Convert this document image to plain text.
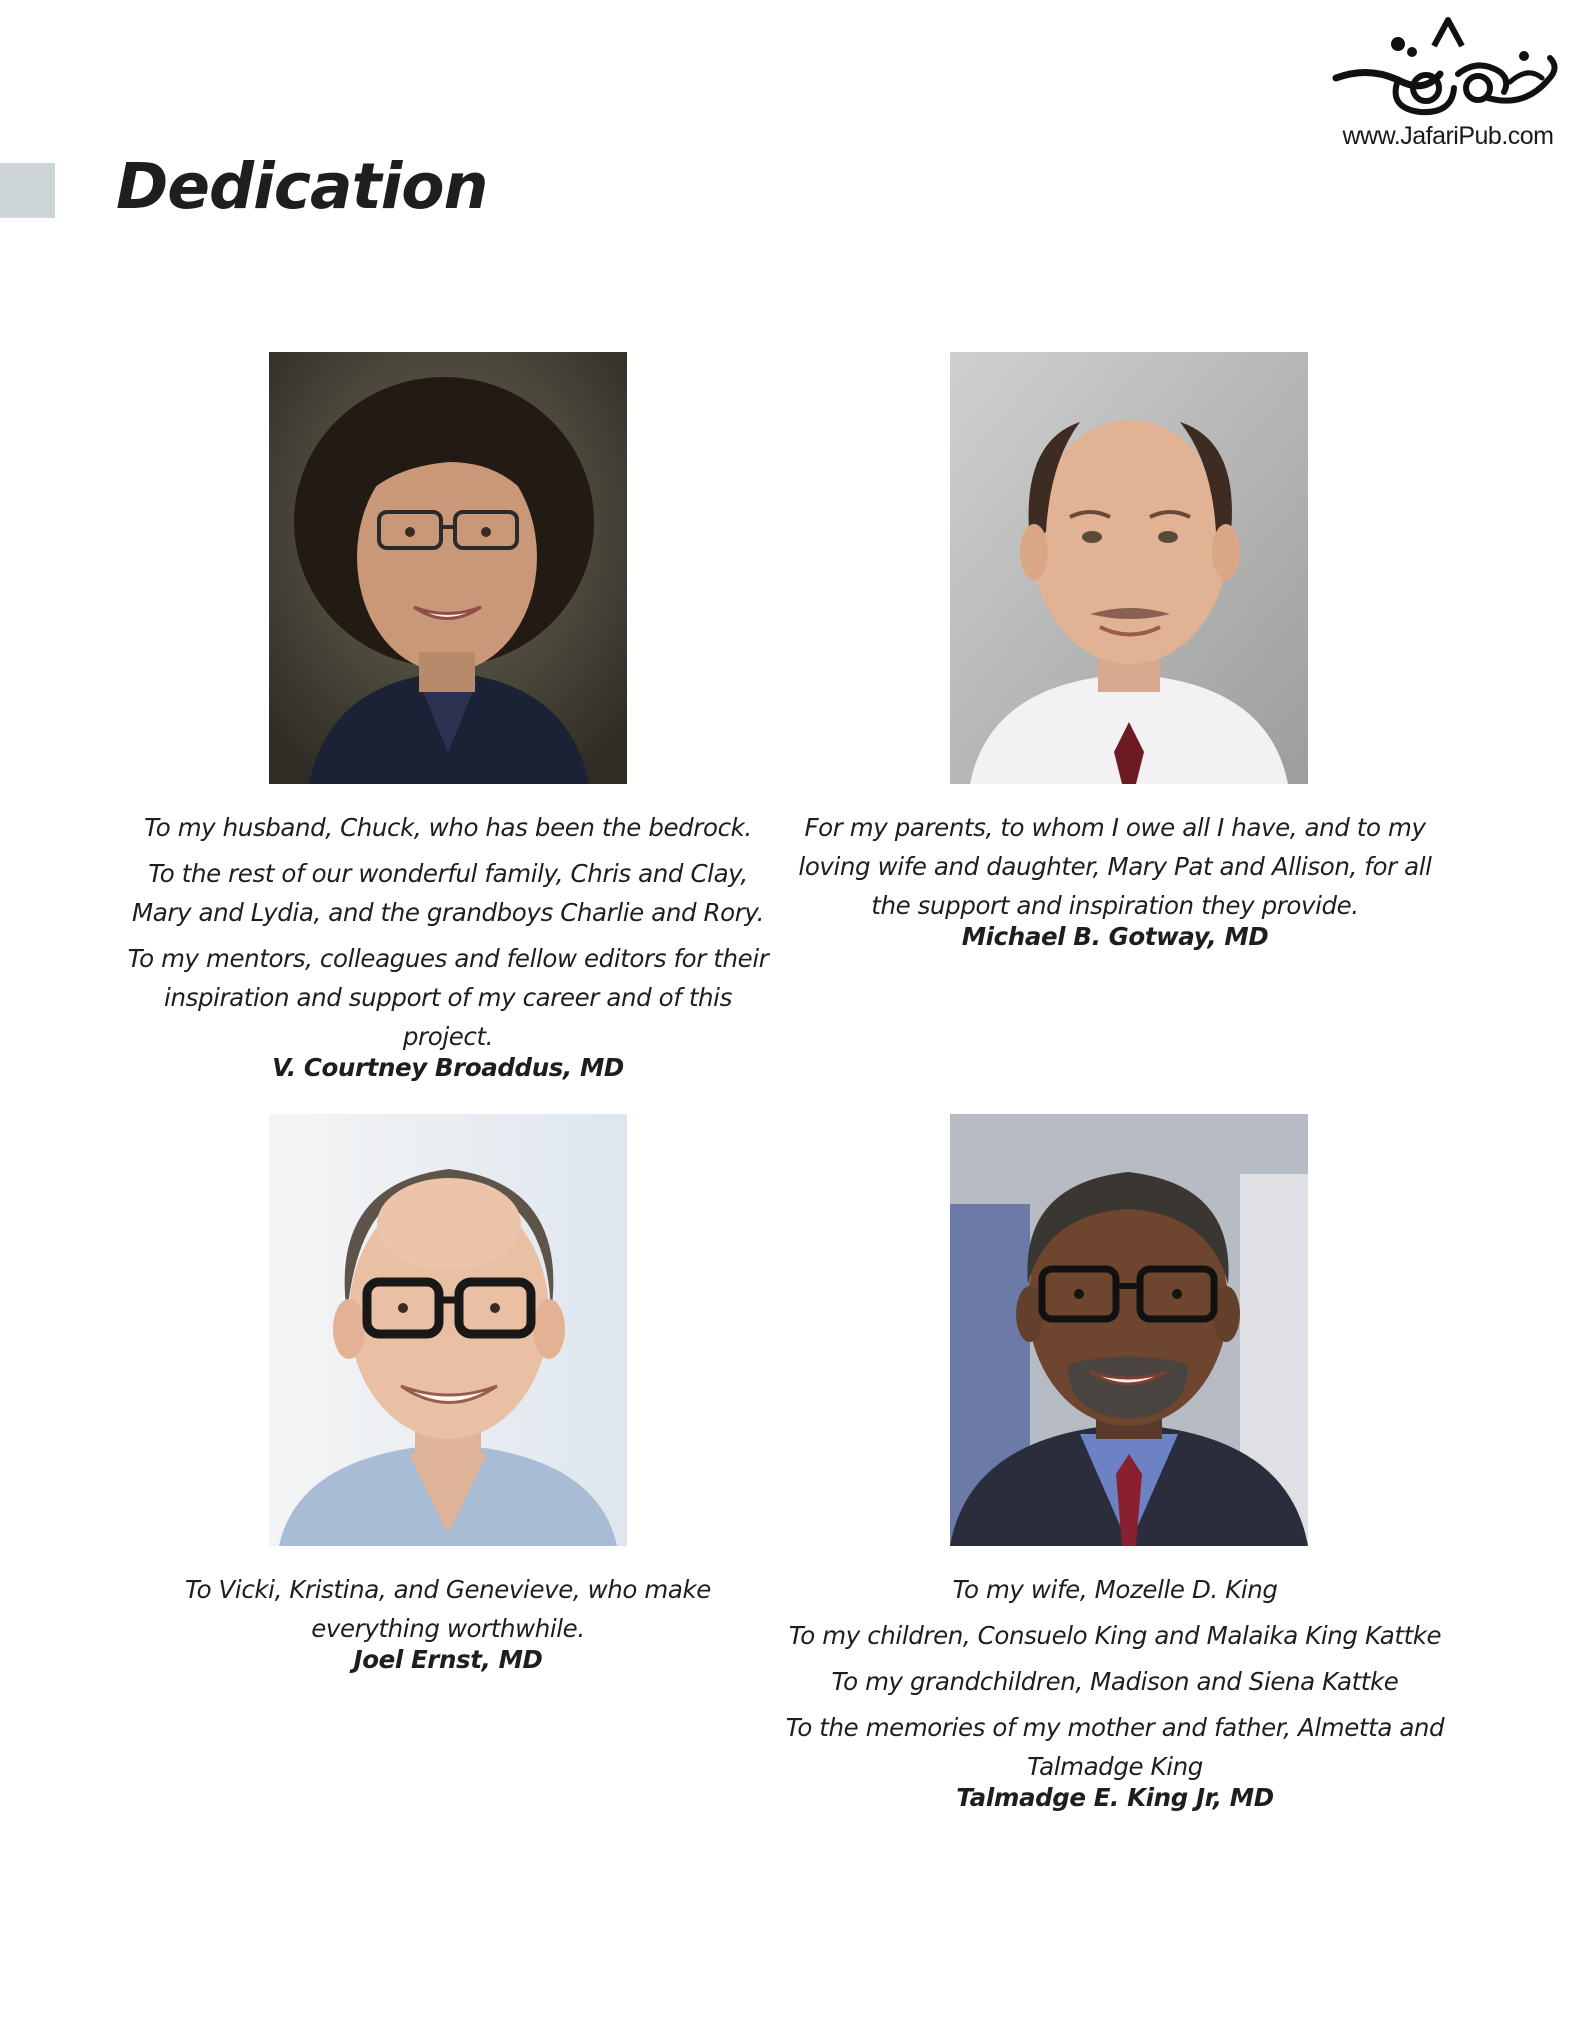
Dedication
www.JafariPub.com

To my husband, Chuck, who has been the bedrock.

To the rest of our wonderful family, Chris and Clay, Mary and Lydia, and the grandboys Charlie and Rory.

To my mentors, colleagues and fellow editors for their inspiration and support of my career and of this project.

V. Courtney Broaddus, MD

For my parents, to whom I owe all I have, and to my loving wife and daughter, Mary Pat and Allison, for all the support and inspiration they provide.

Michael B. Gotway, MD

To Vicki, Kristina, and Genevieve, who make everything worthwhile.

Joel Ernst, MD

To my wife, Mozelle D. King

To my children, Consuelo King and Malaika King Kattke

To my grandchildren, Madison and Siena Kattke

To the memories of my mother and father, Almetta and Talmadge King

Talmadge E. King Jr, MD
